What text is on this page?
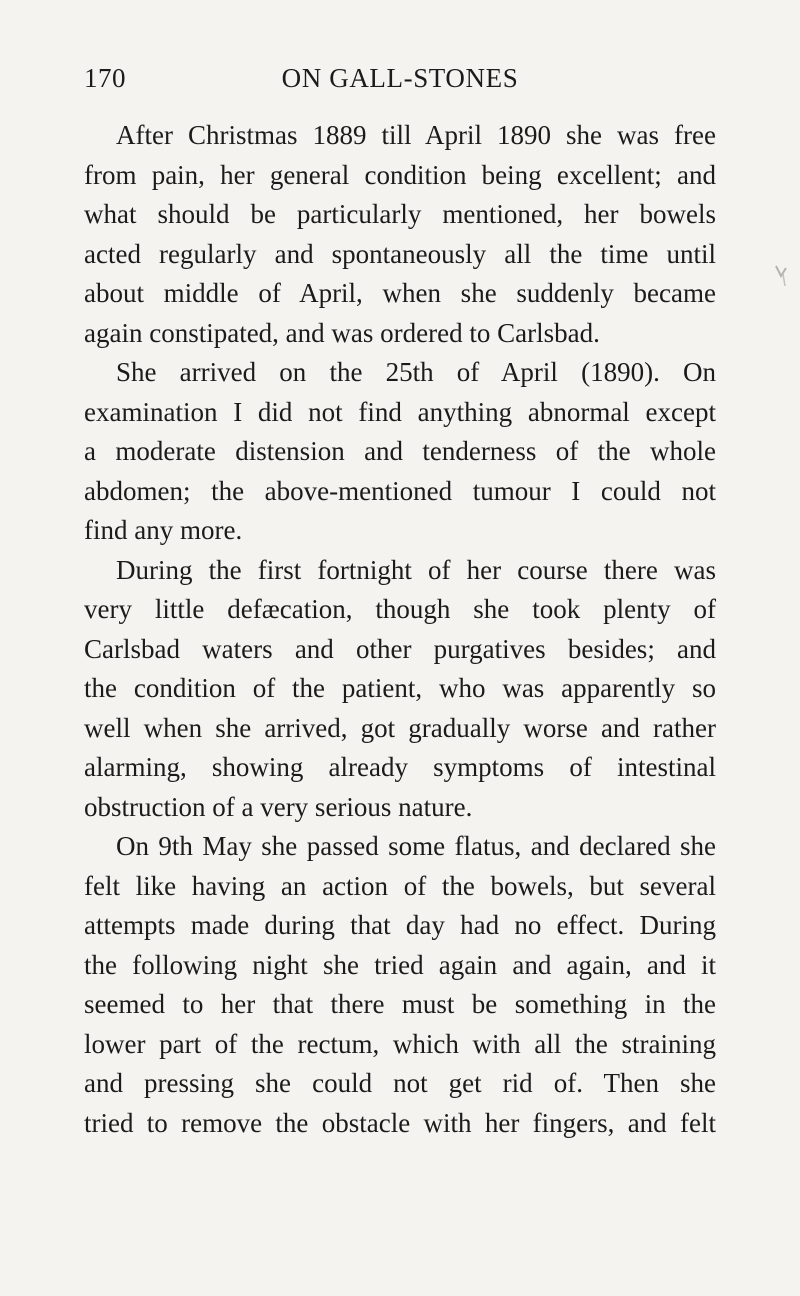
170	ON GALL-STONES
After Christmas 1889 till April 1890 she was free
from pain, her general condition being excellent; and
what should be particularly mentioned, her bowels
acted regularly and spontaneously all the time until
about middle of April, when she suddenly became
again constipated, and was ordered to Carlsbad.
She arrived on the 25th of April (1890). On
examination I did not find anything abnormal except
a moderate distension and tenderness of the whole
abdomen; the above-mentioned tumour I could not
find any more.
During the first fortnight of her course there was
very little defæcation, though she took plenty of
Carlsbad waters and other purgatives besides; and
the condition of the patient, who was apparently so
well when she arrived, got gradually worse and rather
alarming, showing already symptoms of intestinal
obstruction of a very serious nature.
On 9th May she passed some flatus, and declared she
felt like having an action of the bowels, but several
attempts made during that day had no effect. During
the following night she tried again and again, and it
seemed to her that there must be something in the
lower part of the rectum, which with all the straining
and pressing she could not get rid of. Then she
tried to remove the obstacle with her fingers, and felt
